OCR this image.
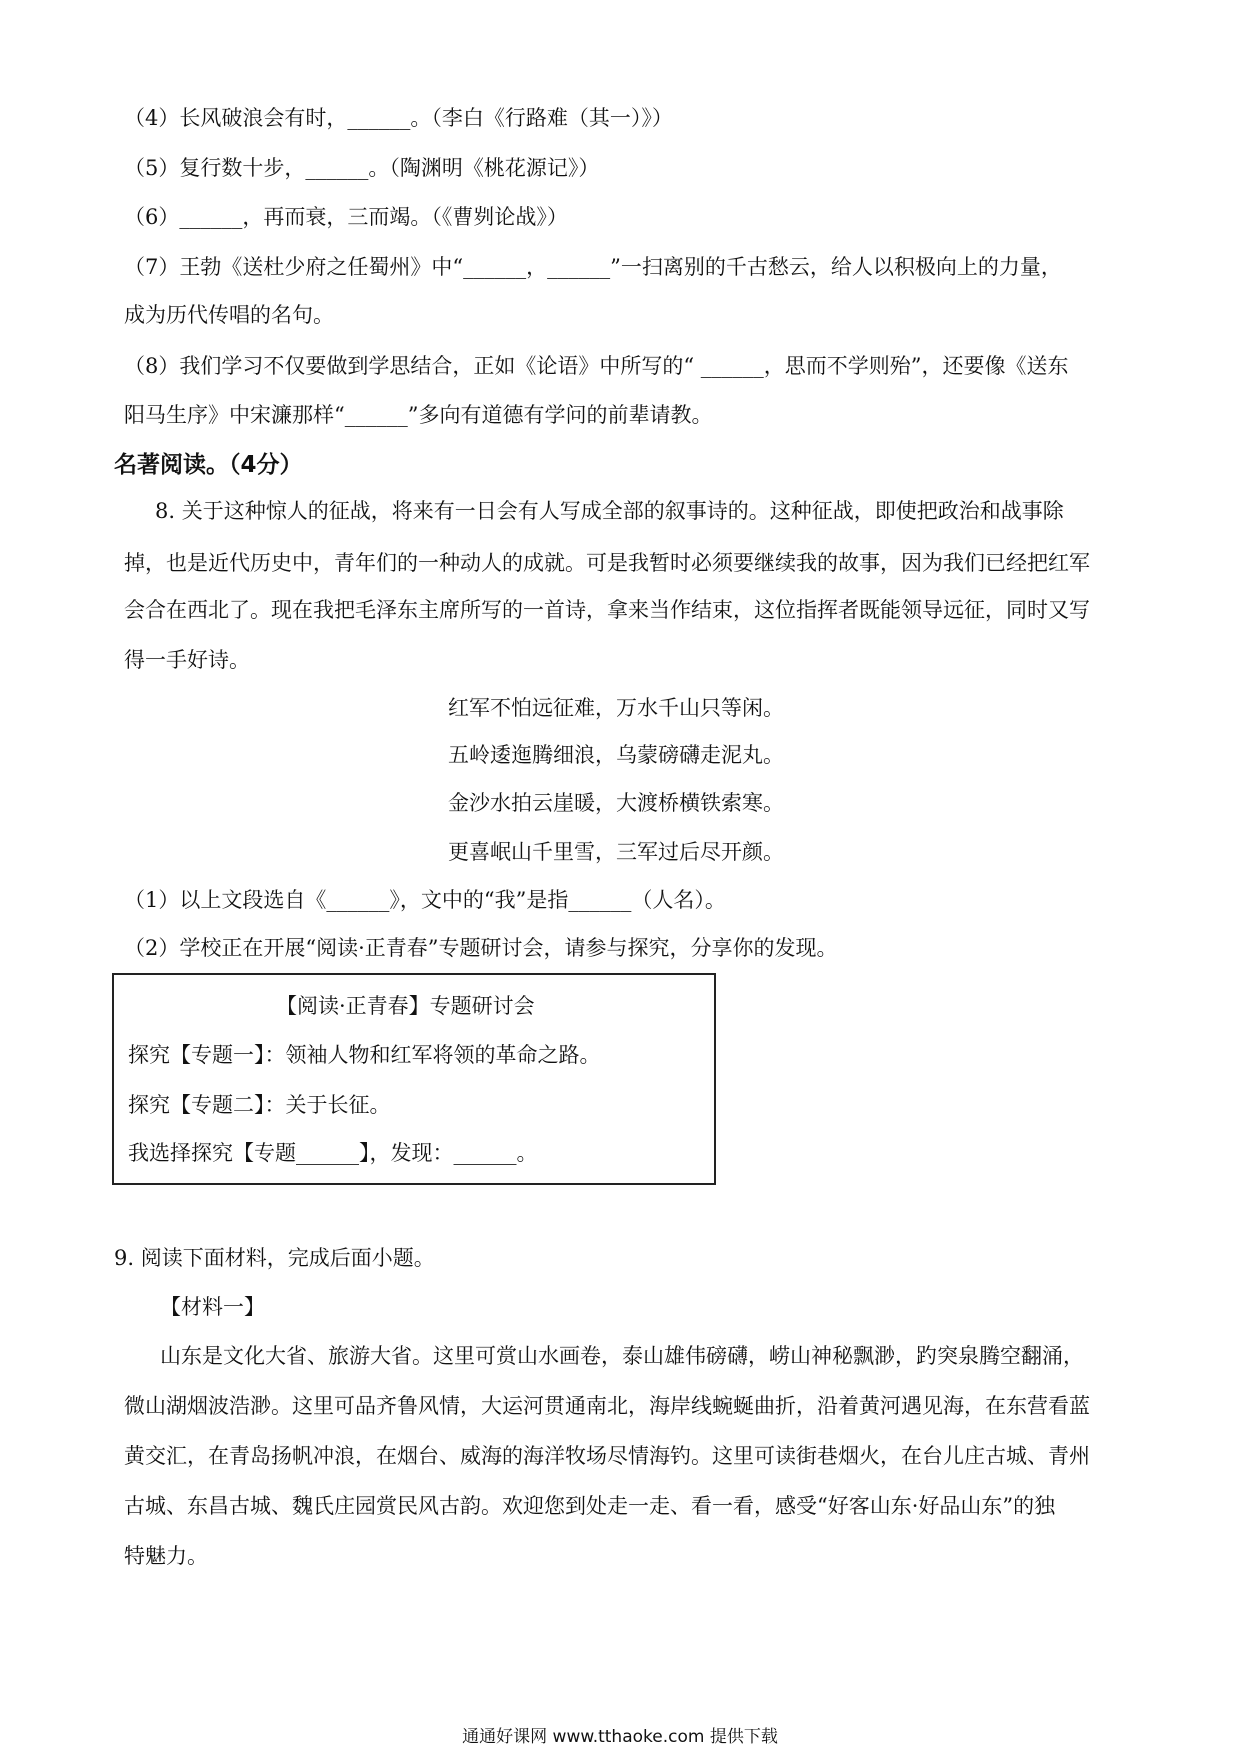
（4）长风破浪会有时，______。（李白《行路难（其一）》）
（5）复行数十步，______。（陶渊明《桃花源记》）
（6）______，再而衰，三而竭。（《曹刿论战》）
（7）王勃《送杜少府之任蜀州》中“______，______”一扫离别的千古愁云，给人以积极向上的力量，
成为历代传唱的名句。
（8）我们学习不仅要做到学思结合，正如《论语》中所写的“ ______，思而不学则殆”，还要像《送东
阳马生序》中宋濂那样“______”多向有道德有学问的前辈请教。
名著阅读。（4分）
8. 关于这种惊人的征战，将来有一日会有人写成全部的叙事诗的。这种征战，即使把政治和战事除
掉，也是近代历史中，青年们的一种动人的成就。可是我暂时必须要继续我的故事，因为我们已经把红军
会合在西北了。现在我把毛泽东主席所写的一首诗，拿来当作结束，这位指挥者既能领导远征，同时又写
得一手好诗。
红军不怕远征难，万水千山只等闲。
五岭逶迤腾细浪，乌蒙磅礴走泥丸。
金沙水拍云崖暖，大渡桥横铁索寒。
更喜岷山千里雪，三军过后尽开颜。
（1）以上文段选自《______》，文中的“我”是指______（人名）。
（2）学校正在开展“阅读·正青春”专题研讨会，请参与探究，分享你的发现。
【阅读·正青春】专题研讨会
探究【专题一】：领袖人物和红军将领的革命之路。
探究【专题二】：关于长征。
我选择探究【专题______】，发现：______。
9. 阅读下面材料，完成后面小题。
【材料一】
山东是文化大省、旅游大省。这里可赏山水画卷，泰山雄伟磅礴，崂山神秘飘渺，趵突泉腾空翻涌，
微山湖烟波浩渺。这里可品齐鲁风情，大运河贯通南北，海岸线蜿蜒曲折，沿着黄河遇见海，在东营看蓝
黄交汇，在青岛扬帆冲浪，在烟台、威海的海洋牧场尽情海钓。这里可读街巷烟火，在台儿庄古城、青州
古城、东昌古城、魏氏庄园赏民风古韵。欢迎您到处走一走、看一看，感受“好客山东·好品山东”的独
特魅力。
通通好课网 www.tthaoke.com 提供下载
